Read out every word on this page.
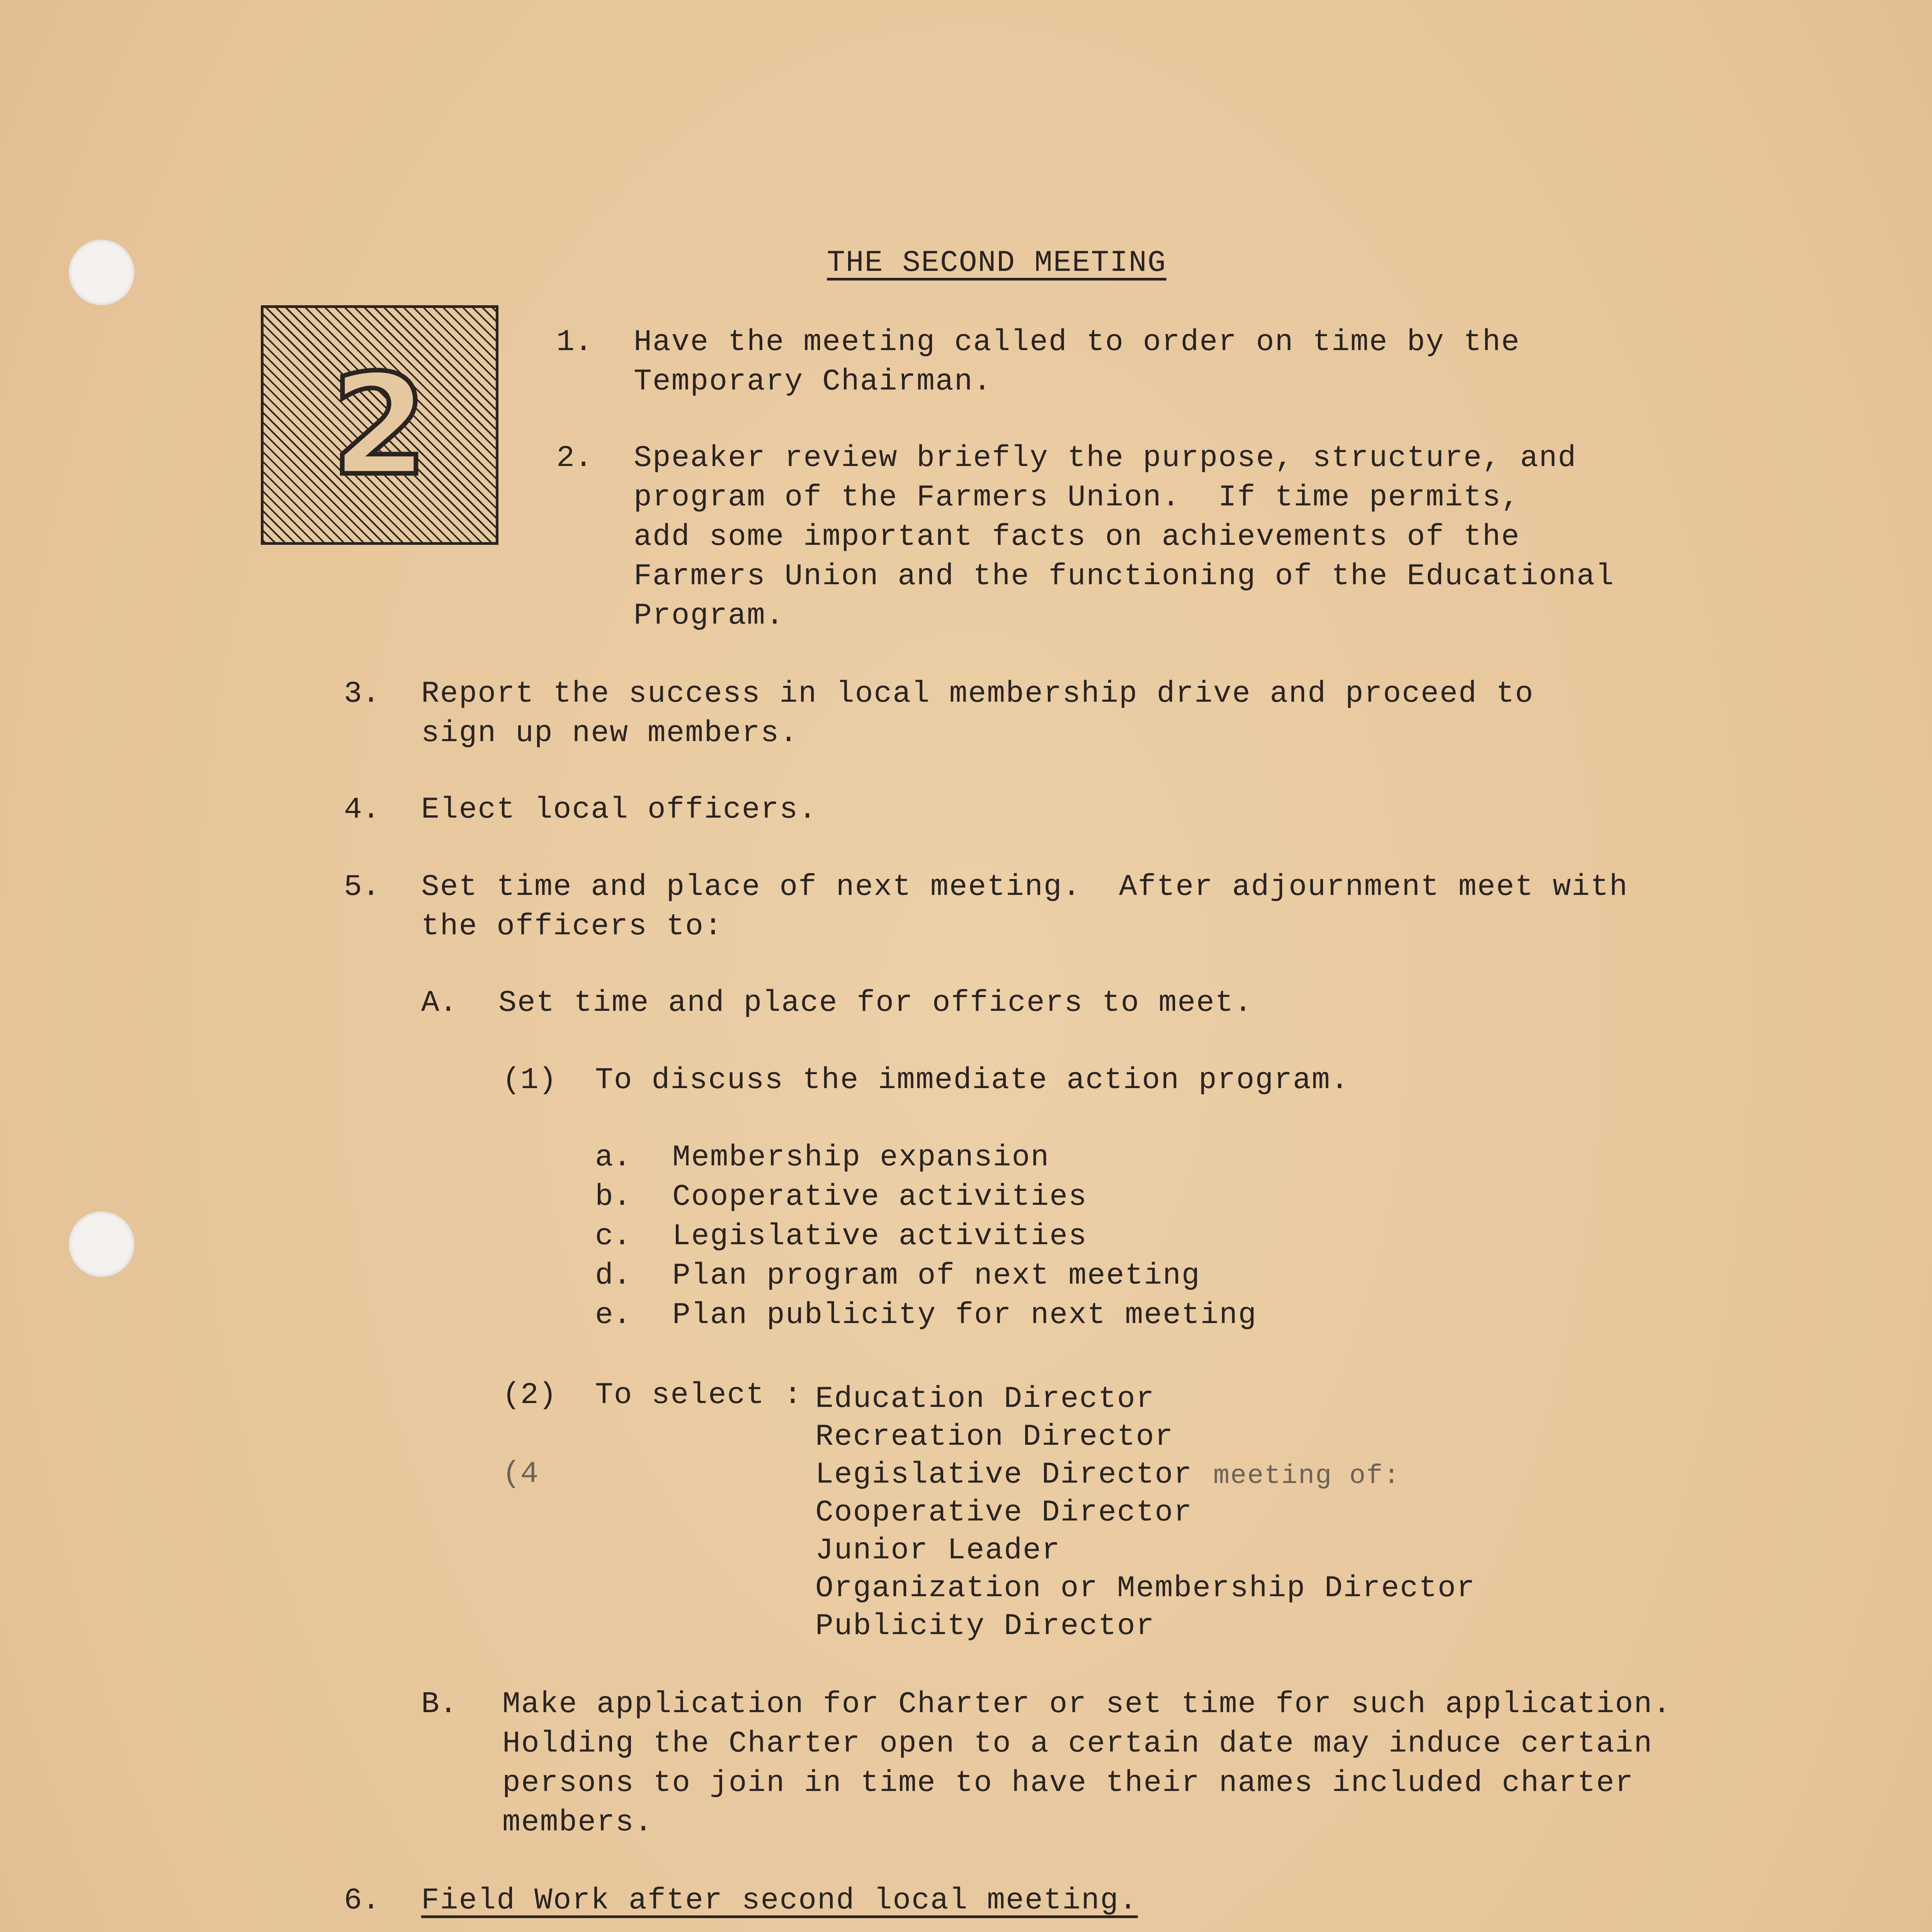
THE SECOND MEETING
2
1. Have the meeting called to order on time by the
Temporary Chairman.
2. Speaker review briefly the purpose, structure, and
program of the Farmers Union.  If time permits,
add some important facts on achievements of the
Farmers Union and the functioning of the Educational
Program.
3. Report the success in local membership drive and proceed to
sign up new members.
4. Elect local officers.
5. Set time and place of next meeting.  After adjournment meet with
the officers to:
A. Set time and place for officers to meet.
(1) To discuss the immediate action program.
a. Membership expansion
b. Cooperative activities
c. Legislative activities
d. Plan program of next meeting
e. Plan publicity for next meeting
(2) To select :
(4	meeting of:
Education Director
Recreation Director
Legislative Director
Cooperative Director
Junior Leader
Organization or Membership Director
Publicity Director
B. Make application for Charter or set time for such application.
Holding the Charter open to a certain date may induce certain
persons to join in time to have their names included charter
members.
6. Field Work after second local meeting.
